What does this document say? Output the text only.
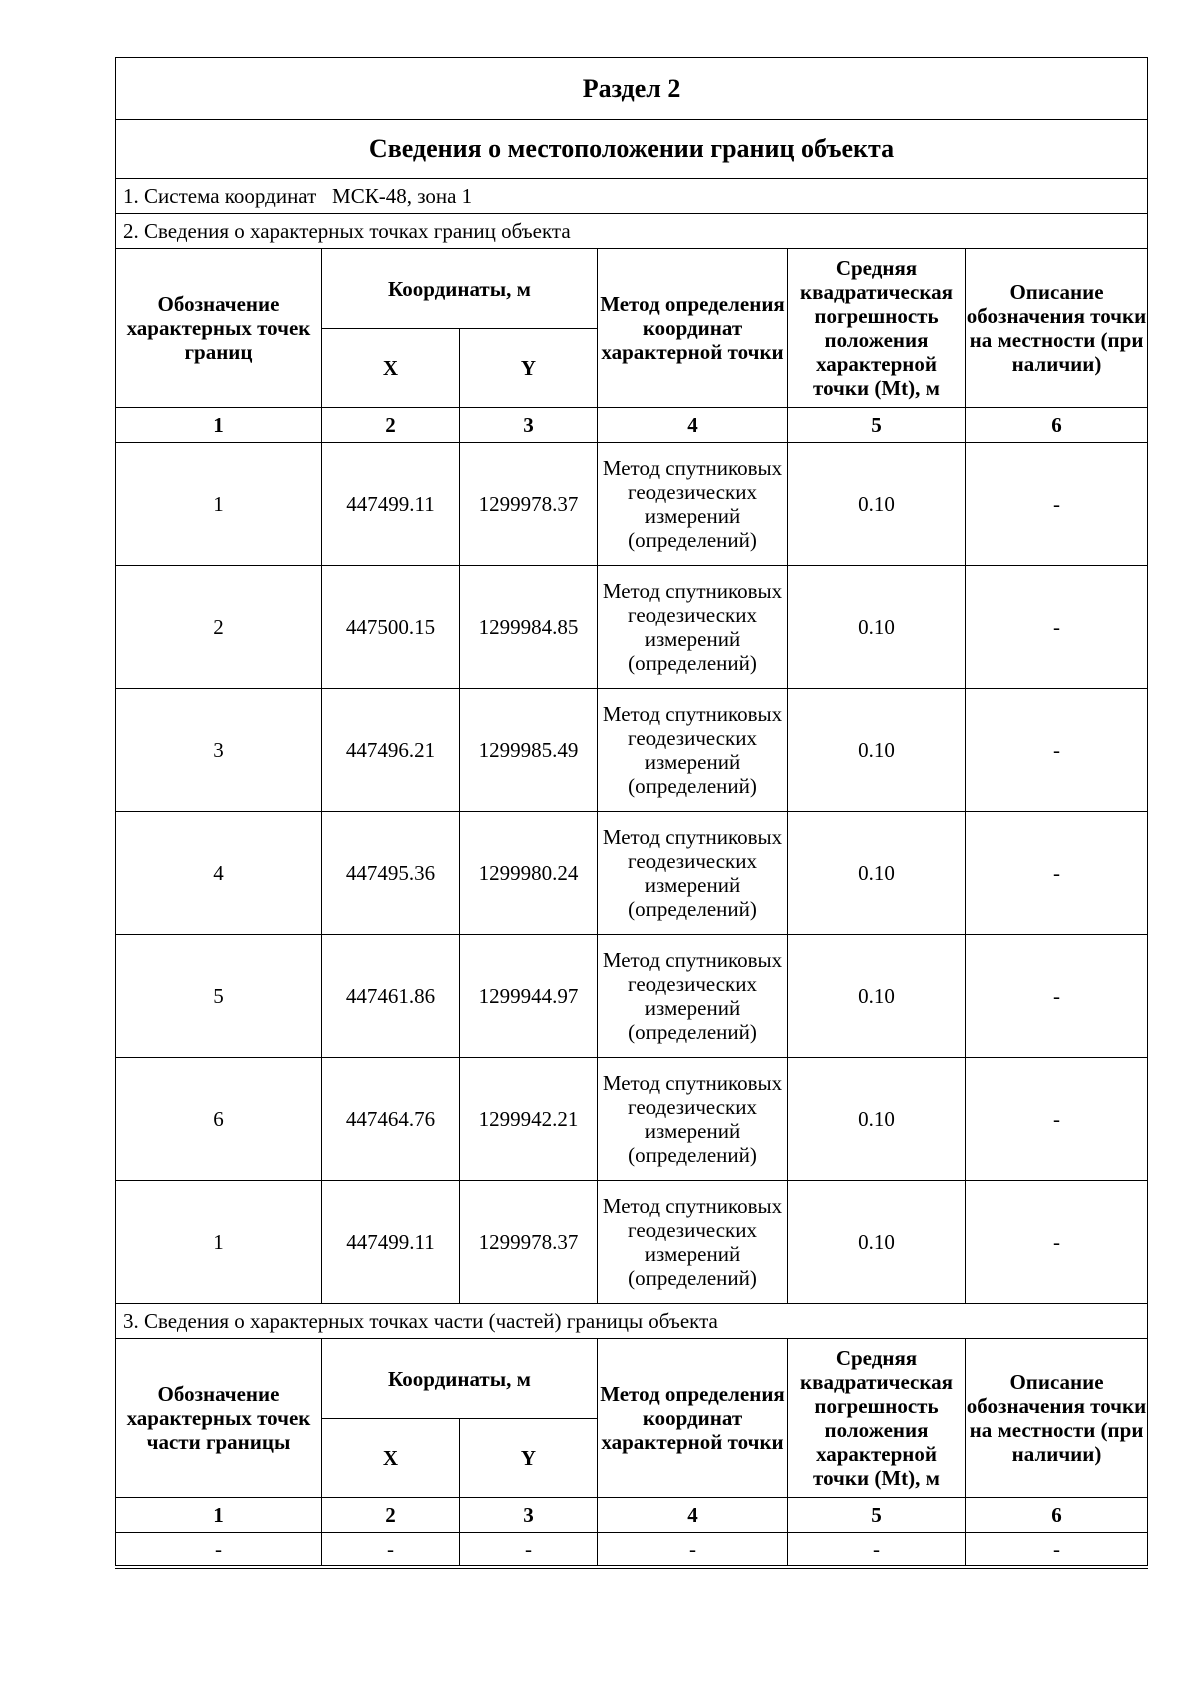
Раздел 2					
Сведения о местоположении границ объекта					
1. Система координат МСК-48, зона 1					
2. Сведения о характерных точках границ объекта					
Обозначение характерных точек границ	Координаты, м		Метод определения координат характерной точки	Средняя квадратическая погрешность положения характерной точки (Mt), м	Описание обозначения точки на местности (при наличии)
	X	Y			
1	2	3	4	5	6
1	447499.11	1299978.37	Метод спутниковых геодезических измерений (определений)	0.10	-
2	447500.15	1299984.85	Метод спутниковых геодезических измерений (определений)	0.10	-
3	447496.21	1299985.49	Метод спутниковых геодезических измерений (определений)	0.10	-
4	447495.36	1299980.24	Метод спутниковых геодезических измерений (определений)	0.10	-
5	447461.86	1299944.97	Метод спутниковых геодезических измерений (определений)	0.10	-
6	447464.76	1299942.21	Метод спутниковых геодезических измерений (определений)	0.10	-
1	447499.11	1299978.37	Метод спутниковых геодезических измерений (определений)	0.10	-
3. Сведения о характерных точках части (частей) границы объекта					
Обозначение характерных точек части границы	Координаты, м		Метод определения координат характерной точки	Средняя квадратическая погрешность положения характерной точки (Mt), м	Описание обозначения точки на местности (при наличии)
	X	Y			
1	2	3	4	5	6
-	-	-	-	-	-
